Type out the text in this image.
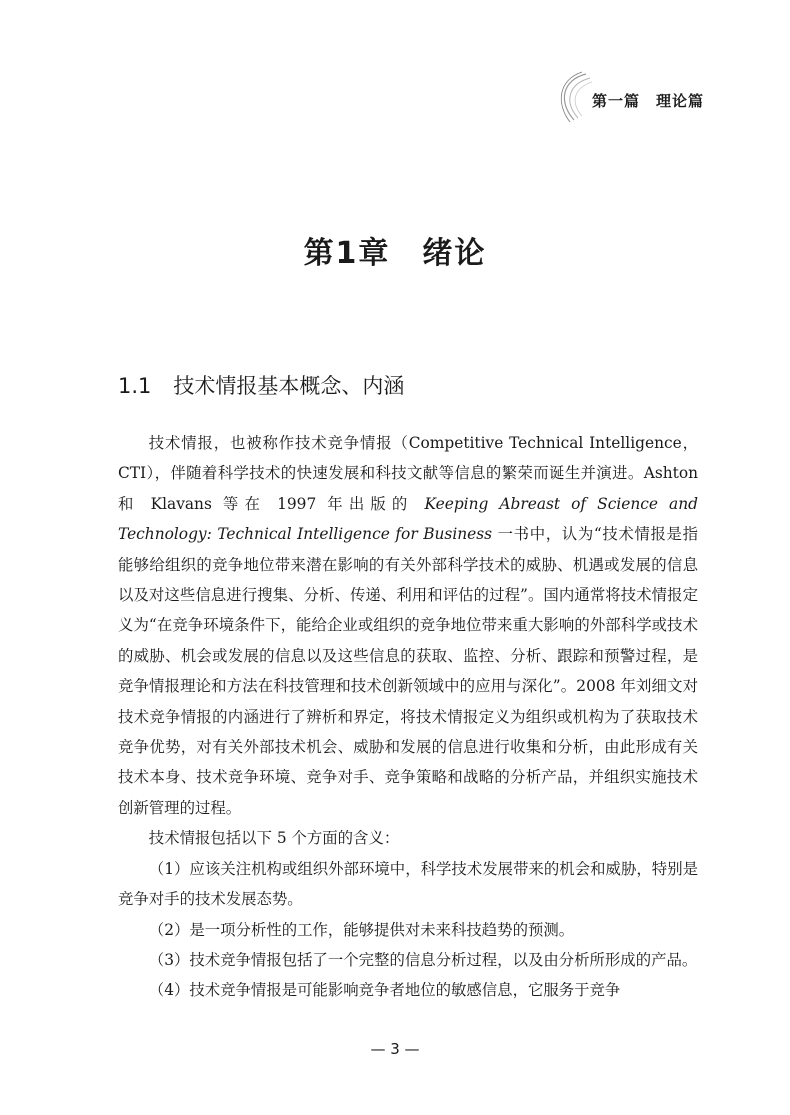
第一篇　理论篇
第1章　绪论
1.1 技术情报基本概念、内涵

技术情报，也被称作技术竞争情报（Competitive Technical Intelligence，CTI），伴随着科学技术的快速发展和科技文献等信息的繁荣而诞生并演进。Ashton 和 Klavans 等在 1997 年出版的 Keeping Abreast of Science and Technology: Technical Intelligence for Business 一书中，认为“技术情报是指能够给组织的竞争地位带来潜在影响的有关外部科学技术的威胁、机遇或发展的信息以及对这些信息进行搜集、分析、传递、利用和评估的过程”。国内通常将技术情报定义为“在竞争环境条件下，能给企业或组织的竞争地位带来重大影响的外部科学或技术的威胁、机会或发展的信息以及这些信息的获取、监控、分析、跟踪和预警过程，是竞争情报理论和方法在科技管理和技术创新领域中的应用与深化”。2008 年刘细文对技术竞争情报的内涵进行了辨析和界定，将技术情报定义为组织或机构为了获取技术竞争优势，对有关外部技术机会、威胁和发展的信息进行收集和分析，由此形成有关技术本身、技术竞争环境、竞争对手、竞争策略和战略的分析产品，并组织实施技术创新管理的过程。

技术情报包括以下 5 个方面的含义：

（1）应该关注机构或组织外部环境中，科学技术发展带来的机会和威胁，特别是竞争对手的技术发展态势。

（2）是一项分析性的工作，能够提供对未来科技趋势的预测。

（3）技术竞争情报包括了一个完整的信息分析过程，以及由分析所形成的产品。

（4）技术竞争情报是可能影响竞争者地位的敏感信息，它服务于竞争

— 3 —
